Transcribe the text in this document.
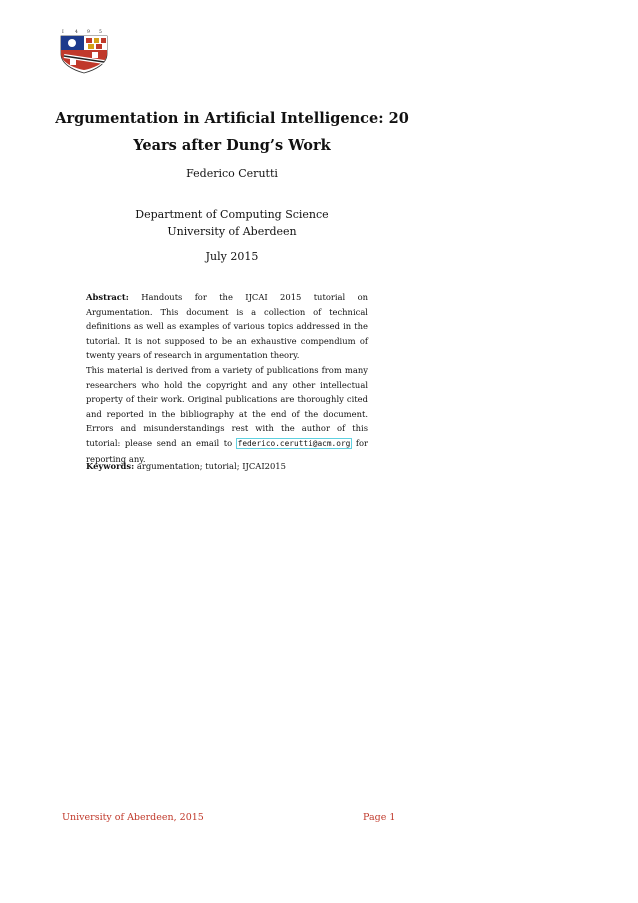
I 4 9 5
Argumentation in Artificial Intelligence: 20 Years after Dung’s Work
Federico Cerutti
Department of Computing Science
University of Aberdeen
July 2015

Abstract: Handouts for the IJCAI 2015 tutorial on Argumentation. This document is a collection of technical definitions as well as examples of various topics addressed in the tutorial. It is not supposed to be an exhaustive compendium of twenty years of research in argumentation theory.

This material is derived from a variety of publications from many researchers who hold the copyright and any other intellectual property of their work. Original publications are thoroughly cited and reported in the bibliography at the end of the document. Errors and misunderstandings rest with the author of this tutorial: please send an email to federico.cerutti@acm.org for reporting any.

Keywords: argumentation; tutorial; IJCAI2015
University of Aberdeen, 2015	Page 1
